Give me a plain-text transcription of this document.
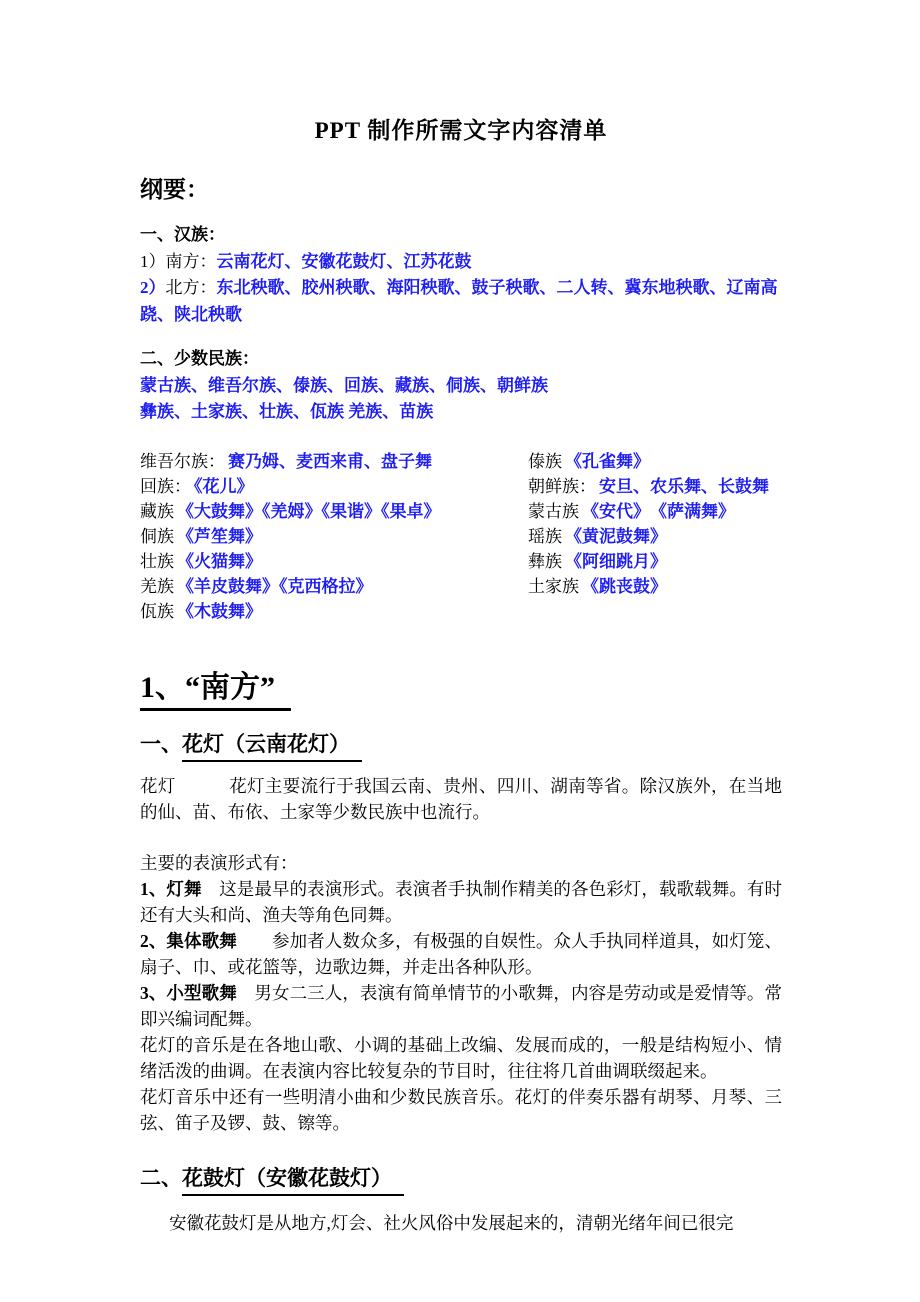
PPT 制作所需文字内容清单
纲要：

一、汉族：

1）南方：云南花灯、安徽花鼓灯、江苏花鼓

2）北方：东北秧歌、胶州秧歌、海阳秧歌、鼓子秧歌、二人转、冀东地秧歌、辽南高跷、陕北秧歌

二、少数民族：

蒙古族、维吾尔族、傣族、回族、藏族、侗族、朝鲜族

彝族、土家族、壮族、佤族 羌族、苗族

维吾尔族： 赛乃姆、麦西来甫、盘子舞	傣族 《孔雀舞》
回族： 《花儿》	朝鲜族： 安旦、农乐舞、长鼓舞
藏族 《大鼓舞》《羌姆》《果谐》《果卓》	蒙古族 《安代》　《萨满舞》
侗族 《芦笙舞》	瑶族 《黄泥鼓舞》
壮族 《火猫舞》	彝族 《阿细跳月》
羌族 《羊皮鼓舞》《克西格拉》	土家族 《跳丧鼓》
佤族 《木鼓舞》
1、“南方”
一、花灯（云南花灯）

花灯　　　花灯主要流行于我国云南、贵州、四川、湖南等省。除汉族外，在当地的仙、苗、布依、土家等少数民族中也流行。

主要的表演形式有：

1、灯舞　这是最早的表演形式。表演者手执制作精美的各色彩灯，载歌载舞。有时还有大头和尚、渔夫等角色同舞。

2、集体歌舞　　参加者人数众多，有极强的自娱性。众人手执同样道具，如灯笼、扇子、巾、或花篮等，边歌边舞，并走出各种队形。

3、小型歌舞　男女二三人，表演有简单情节的小歌舞，内容是劳动或是爱情等。常即兴编词配舞。

花灯的音乐是在各地山歌、小调的基础上改编、发展而成的，一般是结构短小、情绪活泼的曲调。在表演内容比较复杂的节目时，往往将几首曲调联缀起来。

花灯音乐中还有一些明清小曲和少数民族音乐。花灯的伴奏乐器有胡琴、月琴、三弦、笛子及锣、鼓、镲等。

二、花鼓灯（安徽花鼓灯）

安徽花鼓灯是从地方,灯会、社火风俗中发展起来的，清朝光绪年间已很完
